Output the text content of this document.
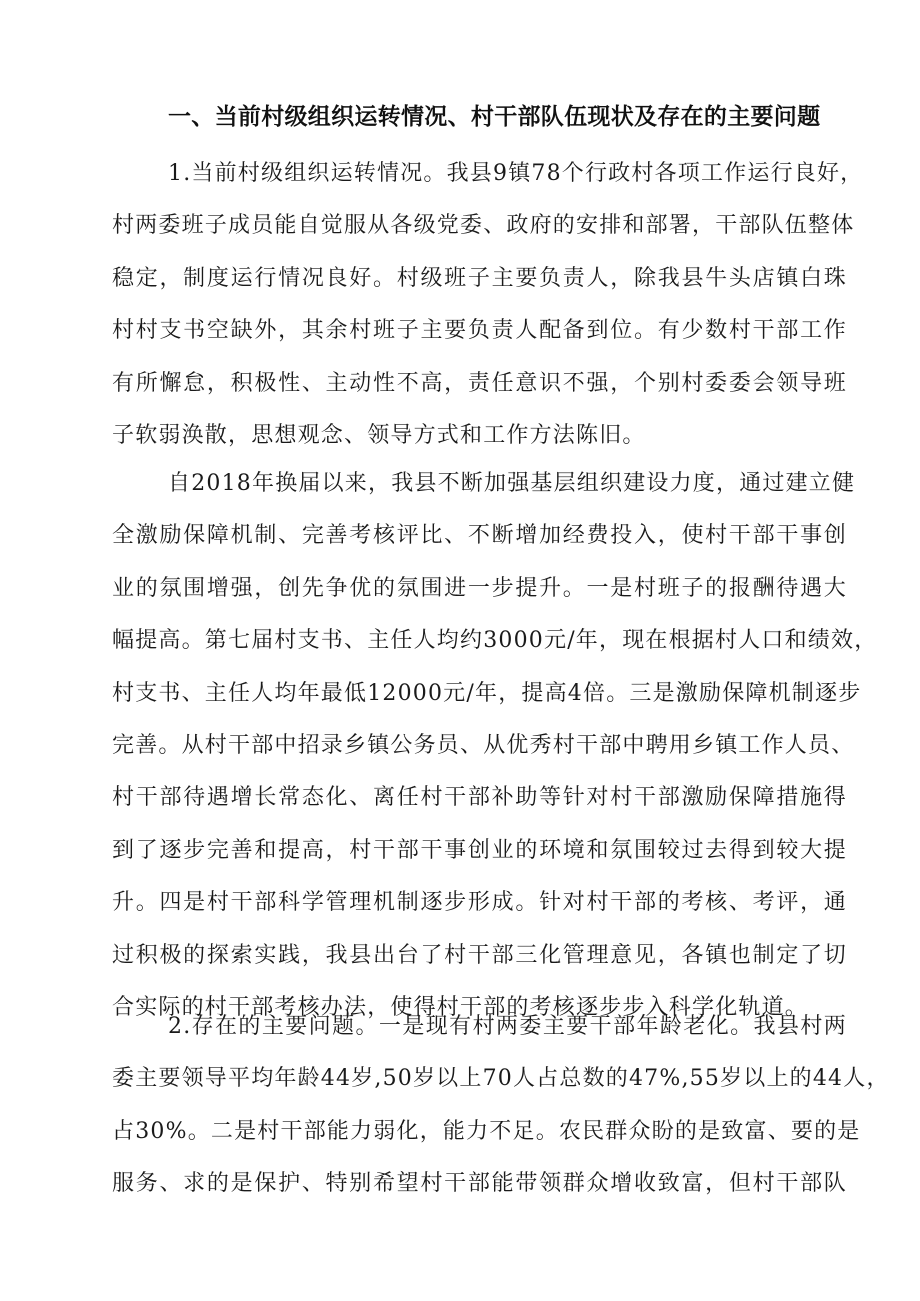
一、当前村级组织运转情况、村干部队伍现状及存在的主要问题
1.当前村级组织运转情况。我县9镇78个行政村各项工作运行良好，
村两委班子成员能自觉服从各级党委、政府的安排和部署，干部队伍整体
稳定，制度运行情况良好。村级班子主要负责人，除我县牛头店镇白珠
村村支书空缺外，其余村班子主要负责人配备到位。有少数村干部工作
有所懈怠，积极性、主动性不高，责任意识不强，个别村委委会领导班
子软弱涣散，思想观念、领导方式和工作方法陈旧。
自2018年换届以来，我县不断加强基层组织建设力度，通过建立健
全激励保障机制、完善考核评比、不断增加经费投入，使村干部干事创
业的氛围增强，创先争优的氛围进一步提升。一是村班子的报酬待遇大
幅提高。第七届村支书、主任人均约3000元/年，现在根据村人口和绩效，
村支书、主任人均年最低12000元/年，提高4倍。三是激励保障机制逐步
完善。从村干部中招录乡镇公务员、从优秀村干部中聘用乡镇工作人员、
村干部待遇增长常态化、离任村干部补助等针对村干部激励保障措施得
到了逐步完善和提高，村干部干事创业的环境和氛围较过去得到较大提
升。四是村干部科学管理机制逐步形成。针对村干部的考核、考评，通
过积极的探索实践，我县出台了村干部三化管理意见，各镇也制定了切
合实际的村干部考核办法，使得村干部的考核逐步步入科学化轨道。
2.存在的主要问题。一是现有村两委主要干部年龄老化。我县村两
委主要领导平均年龄44岁,50岁以上70人占总数的47%,55岁以上的44人，
占30%。二是村干部能力弱化，能力不足。农民群众盼的是致富、要的是
服务、求的是保护、特别希望村干部能带领群众增收致富，但村干部队
